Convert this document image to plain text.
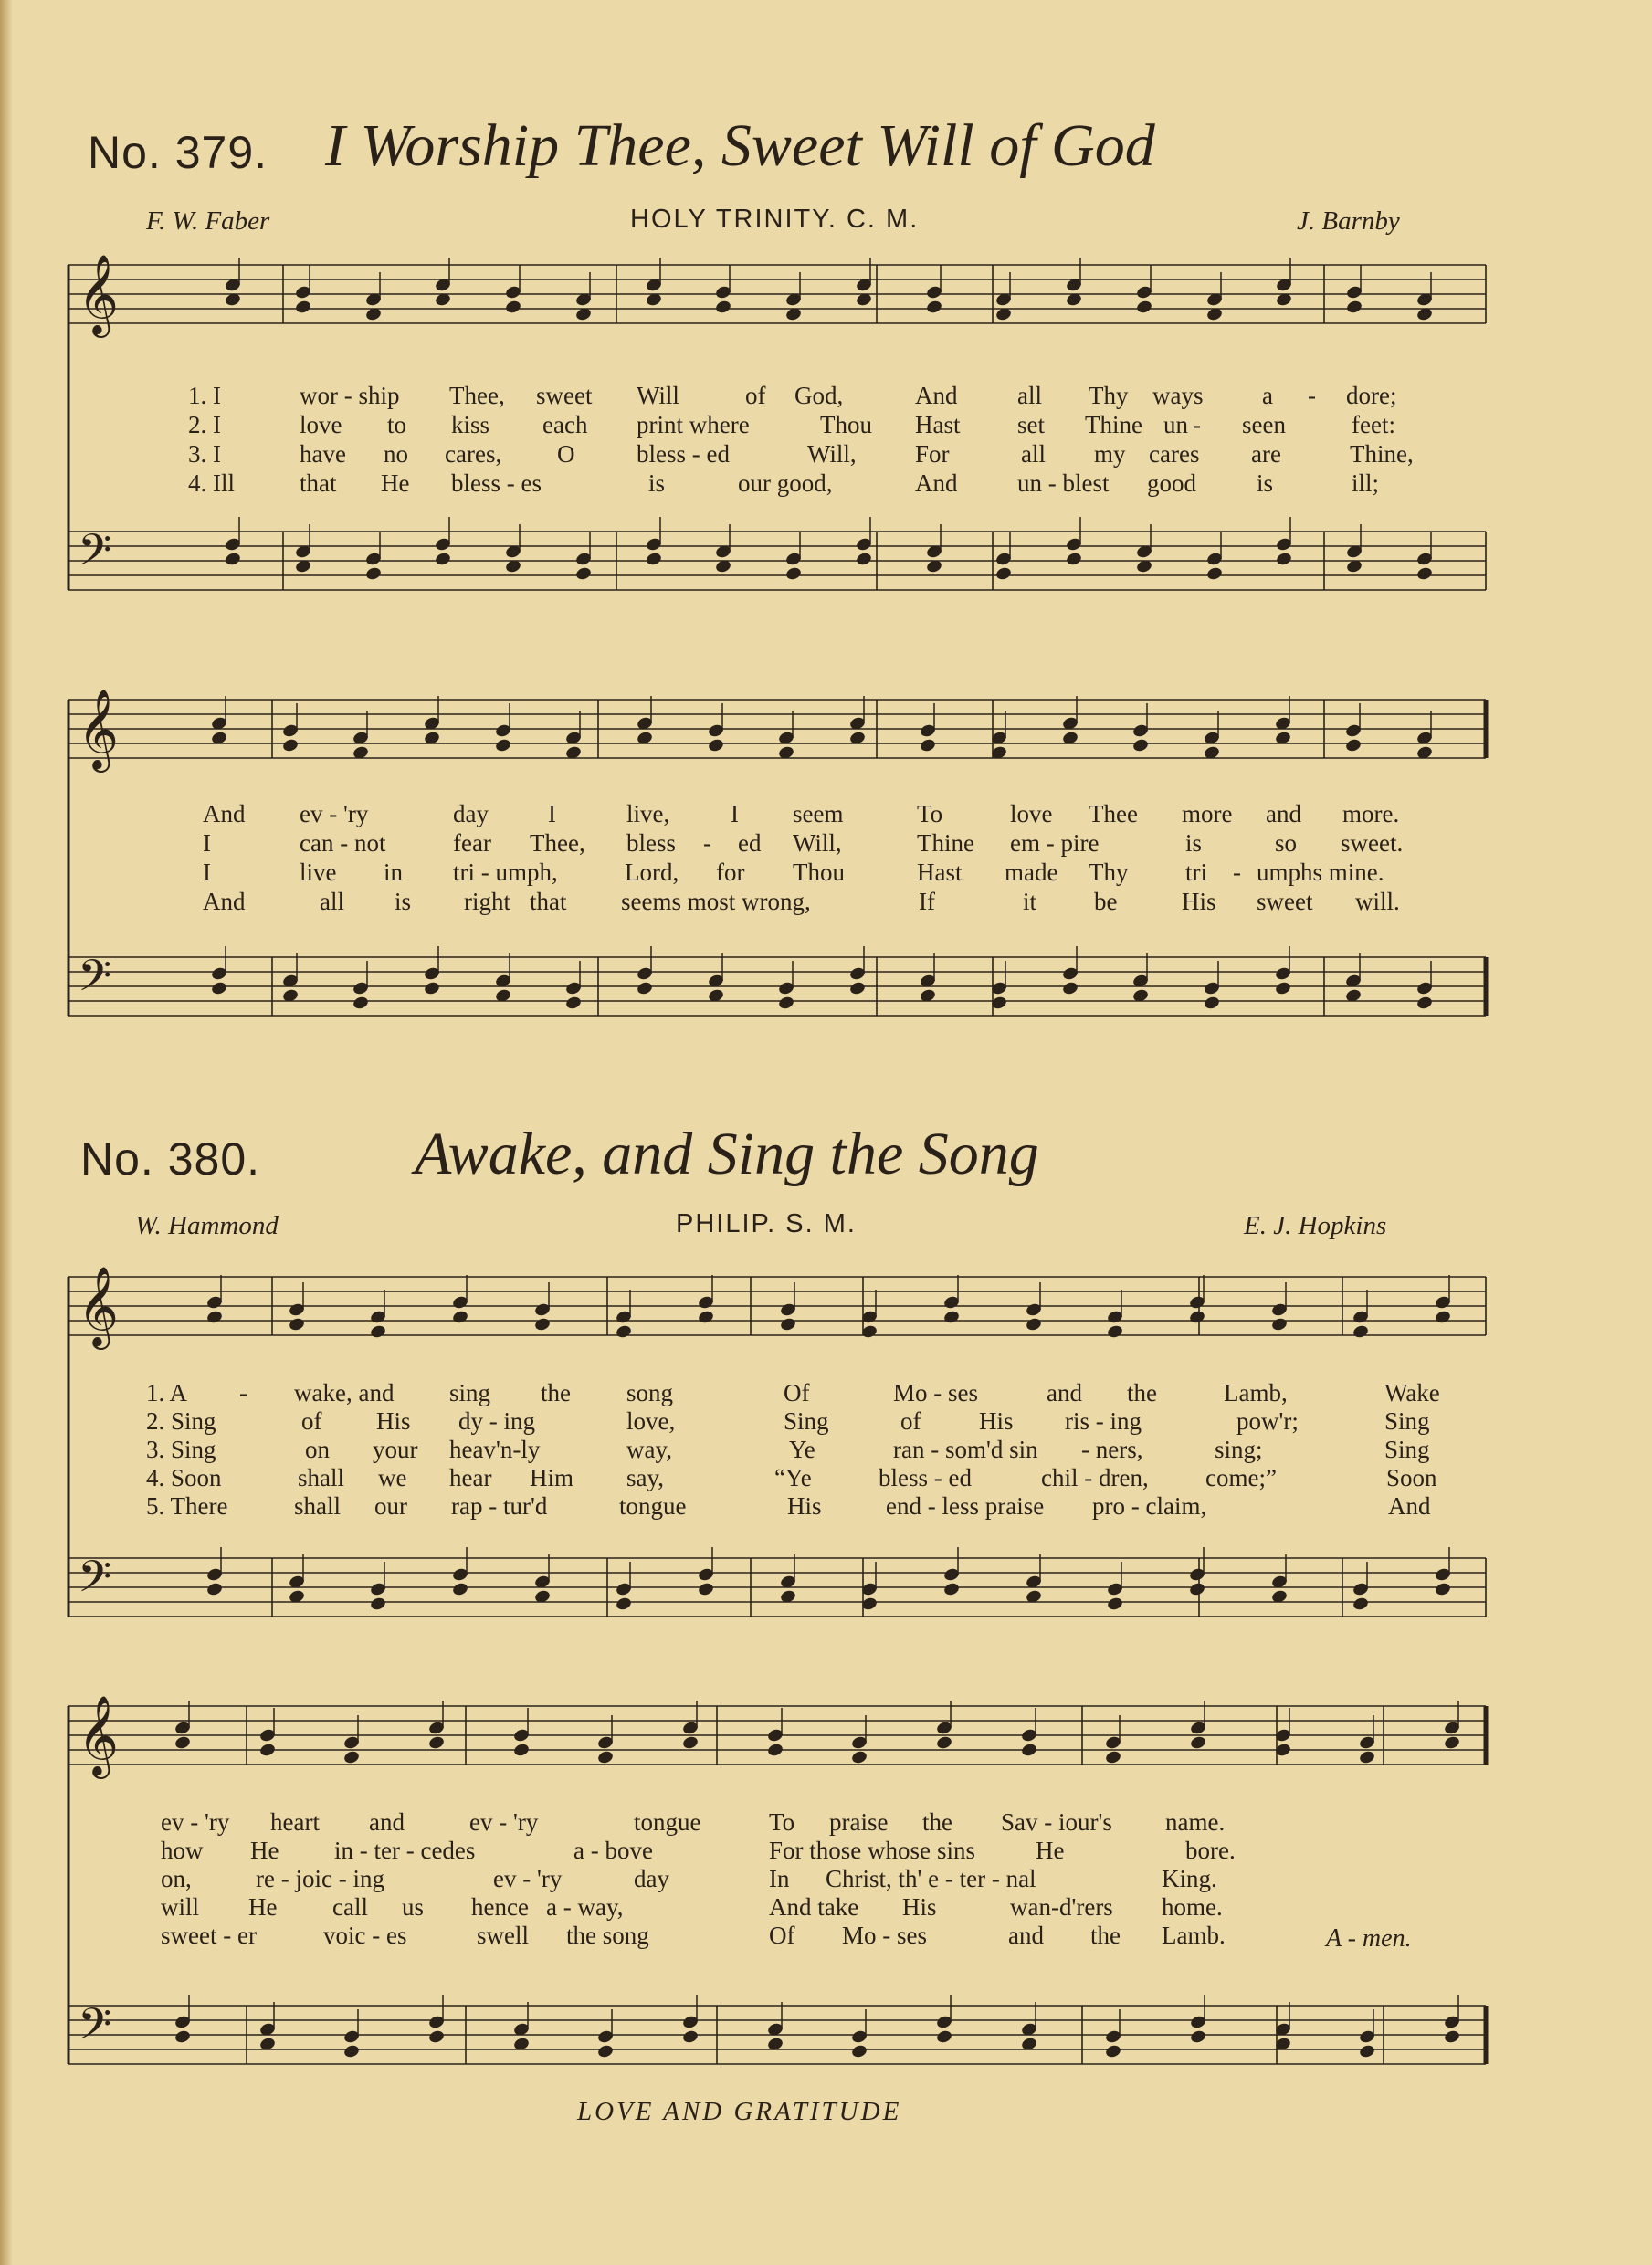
No. 379. I Worship Thee, Sweet Will of God
F. W. Faber	HOLY TRINITY. C. M.	J. Barnby
1. I	wor - ship Thee, sweet Will	of God,	And all Thy ways a - dore;
2. I	love to kiss each print where	Thou Hast set Thine un - seen	feet:
3. I	have no cares, O	bless - ed	Will, For	all my cares are	Thine,
4. Ill	that He bless - es	is	our good,	And un - blest good is	ill;
And ev - 'ry	day I	live, I seem	To	love Thee more and more.
I	can - not	fear Thee, bless - ed Will,	Thine em - pire	is	so sweet.
I	live in tri - umph,	Lord, for Thou	Hast made Thy tri - umphs mine.
And	all is right that seems most wrong,	If	it be	His sweet will.
No. 380.	Awake, and Sing the Song
W. Hammond	PHILIP. S. M.	E. J. Hopkins
1. A - wake, and sing the song	Of	Mo - ses	and the	Lamb,	Wake
2. Sing	of His dy - ing	love,	Sing	of His ris - ing	pow'r;	Sing
3. Sing	on your heav'n-ly	way,	Ye	ran - som'd sin - ners,	sing;	Sing
4. Soon	shall we hear Him say,	“Ye	bless - ed	chil - dren, come;”	Soon
5. There	shall our rap - tur'd	tongue	His	end - less praise pro - claim,	And
ev - 'ry heart and	ev - 'ry	tongue	To praise the Sav - iour's name.
how He in - ter - cedes	a - bove	For those whose sins He	bore.
on,	re - joic - ing	ev - 'ry	day	In Christ, th' e - ter - nal	King.
will He call us hence a - way,	And take His	wan-d'rers home.
sweet - er	voic - es	swell the song	Of Mo - ses	and the Lamb.	A - men.
LOVE AND GRATITUDE
𝄞
𝄢
𝄞
𝄢
𝄞
𝄢
𝄞
𝄢
